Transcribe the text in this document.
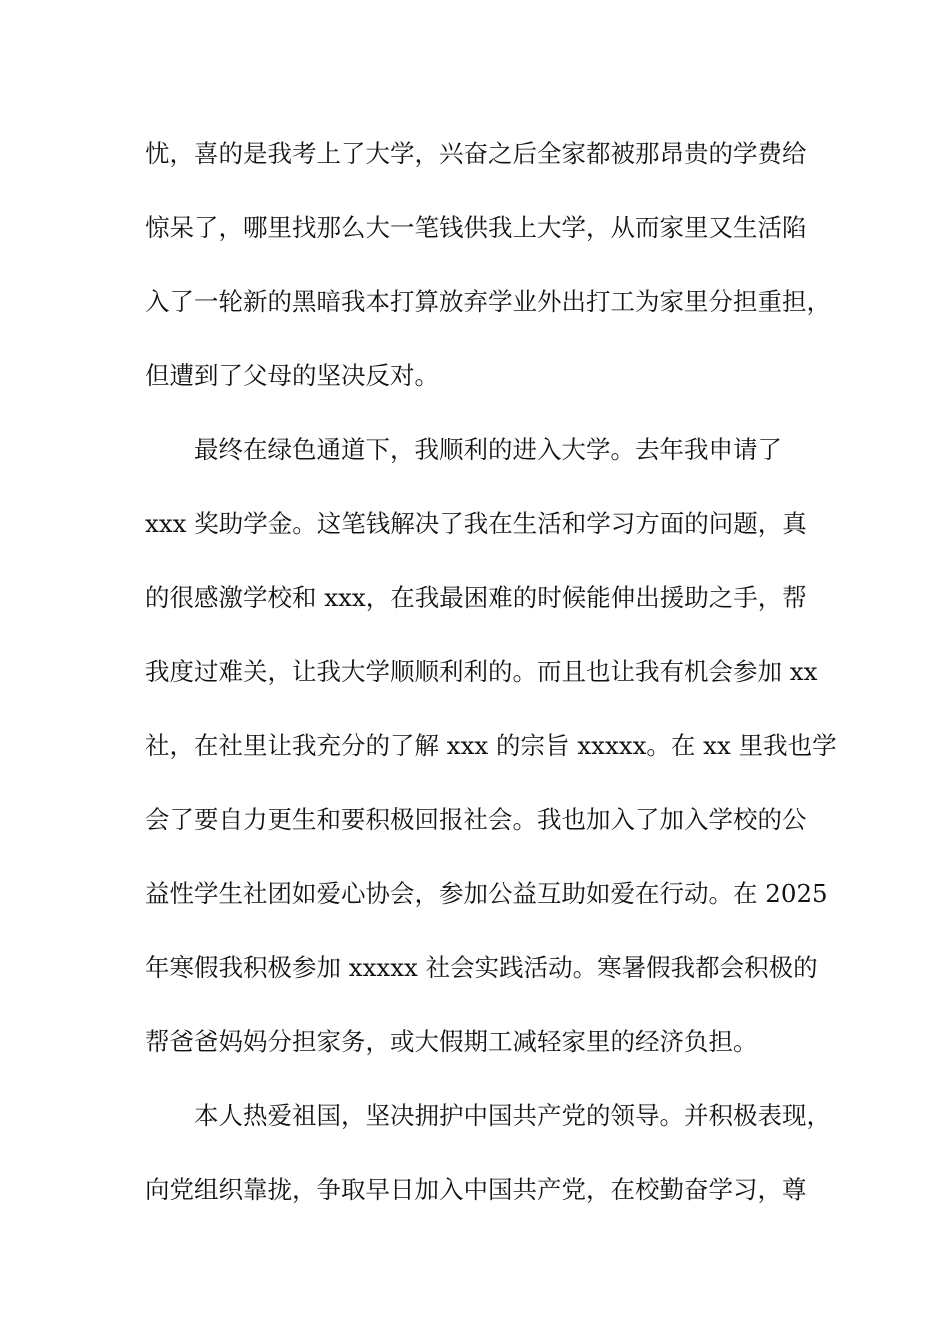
忧，喜的是我考上了大学，兴奋之后全家都被那昂贵的学费给

惊呆了，哪里找那么大一笔钱供我上大学，从而家里又生活陷

入了一轮新的黑暗我本打算放弃学业外出打工为家里分担重担，

但遭到了父母的坚决反对。

最终在绿色通道下，我顺利的进入大学。去年我申请了

xxx 奖助学金。这笔钱解决了我在生活和学习方面的问题，真

的很感激学校和 xxx，在我最困难的时候能伸出援助之手，帮

我度过难关，让我大学顺顺利利的。而且也让我有机会参加 xx

社，在社里让我充分的了解 xxx 的宗旨 xxxxx。在 xx 里我也学

会了要自力更生和要积极回报社会。我也加入了加入学校的公

益性学生社团如爱心协会，参加公益互助如爱在行动。在 2025

年寒假我积极参加 xxxxx 社会实践活动。寒暑假我都会积极的

帮爸爸妈妈分担家务，或大假期工减轻家里的经济负担。

本人热爱祖国，坚决拥护中国共产党的领导。并积极表现，

向党组织靠拢，争取早日加入中国共产党，在校勤奋学习，尊
